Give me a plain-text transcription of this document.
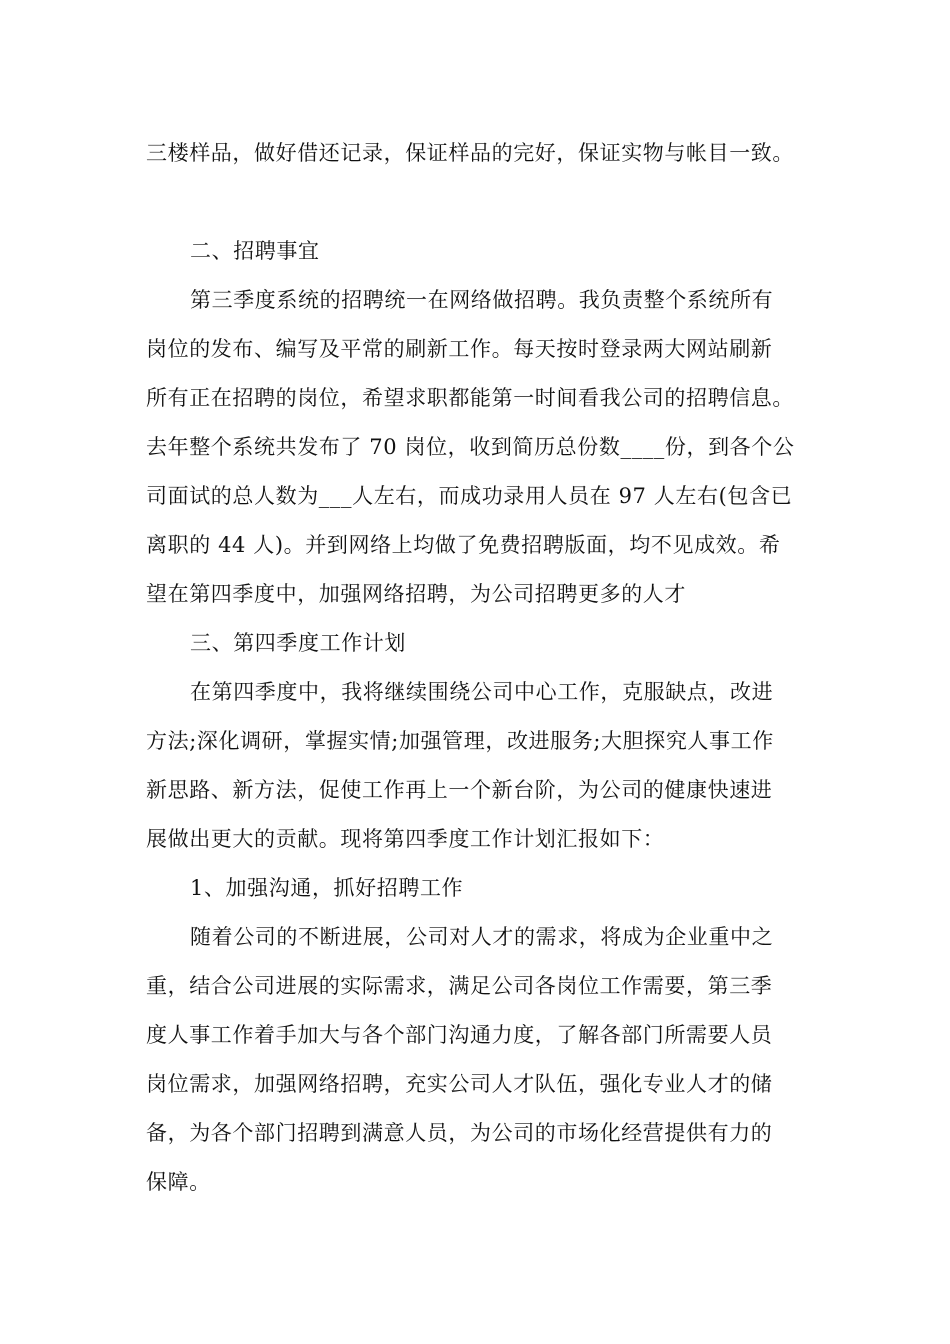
三楼样品，做好借还记录，保证样品的完好，保证实物与帐目一致。
二、招聘事宜
第三季度系统的招聘统一在网络做招聘。我负责整个系统所有
岗位的发布、编写及平常的刷新工作。每天按时登录两大网站刷新
所有正在招聘的岗位，希望求职都能第一时间看我公司的招聘信息。
去年整个系统共发布了 70 岗位，收到简历总份数____份，到各个公
司面试的总人数为___人左右，而成功录用人员在 97 人左右(包含已
离职的 44 人)。并到网络上均做了免费招聘版面，均不见成效。希
望在第四季度中，加强网络招聘，为公司招聘更多的人才
三、第四季度工作计划
在第四季度中，我将继续围绕公司中心工作，克服缺点，改进
方法;深化调研，掌握实情;加强管理，改进服务;大胆探究人事工作
新思路、新方法，促使工作再上一个新台阶，为公司的健康快速进
展做出更大的贡献。现将第四季度工作计划汇报如下：
1、加强沟通，抓好招聘工作
随着公司的不断进展，公司对人才的需求，将成为企业重中之
重，结合公司进展的实际需求，满足公司各岗位工作需要，第三季
度人事工作着手加大与各个部门沟通力度，了解各部门所需要人员
岗位需求，加强网络招聘，充实公司人才队伍，强化专业人才的储
备，为各个部门招聘到满意人员，为公司的市场化经营提供有力的
保障。
